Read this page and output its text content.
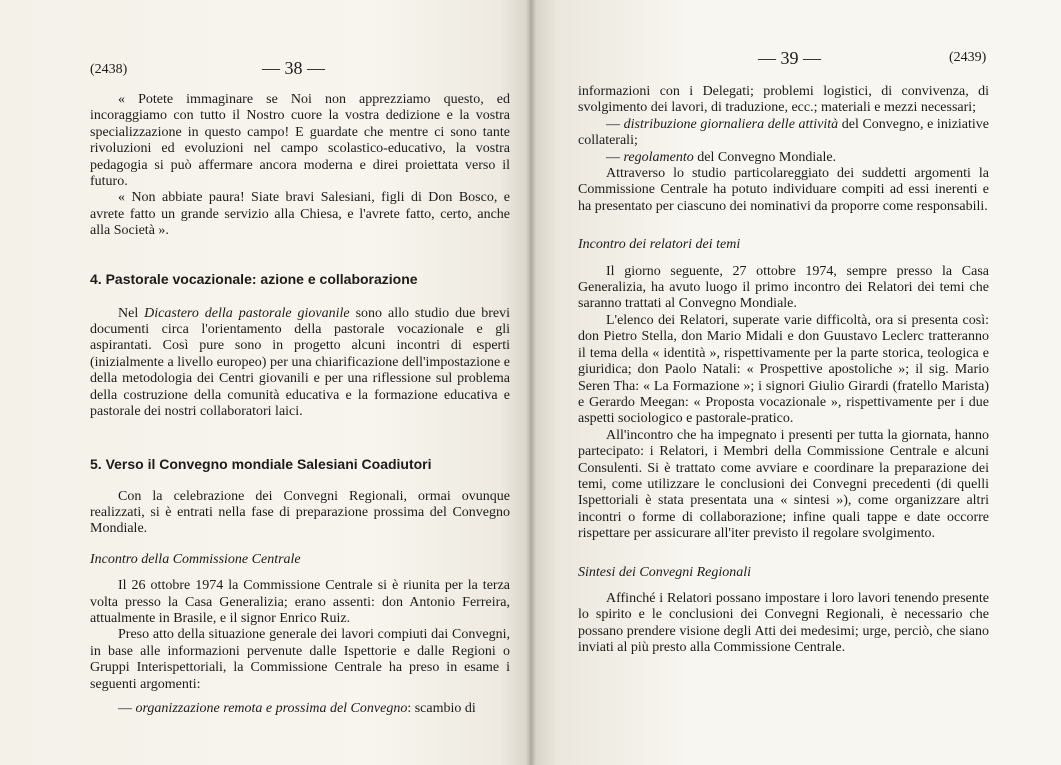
(2438)	— 38 —

« Potete immaginare se Noi non apprezziamo questo, ed incoraggiamo con tutto il Nostro cuore la vostra dedizione e la vostra specializzazione in questo campo! E guardate che mentre ci sono tante rivoluzioni ed evoluzioni nel campo scolastico-educativo, la vostra pedagogia si può affermare ancora moderna e direi proiettata verso il futuro.

« Non abbiate paura! Siate bravi Salesiani, figli di Don Bosco, e avrete fatto un grande servizio alla Chiesa, e l'avrete fatto, certo, anche alla Società ».

4. Pastorale vocazionale: azione e collaborazione

Nel Dicastero della pastorale giovanile sono allo studio due brevi documenti circa l'orientamento della pastorale vocazionale e gli aspirantati. Così pure sono in progetto alcuni incontri di esperti (inizialmente a livello europeo) per una chiarificazione dell'impostazione e della metodologia dei Centri giovanili e per una riflessione sul problema della costruzione della comunità educativa e la formazione educativa e pastorale dei nostri collaboratori laici.

5. Verso il Convegno mondiale Salesiani Coadiutori

Con la celebrazione dei Convegni Regionali, ormai ovunque realizzati, si è entrati nella fase di preparazione prossima del Convegno Mondiale.

Incontro della Commissione Centrale

Il 26 ottobre 1974 la Commissione Centrale si è riunita per la terza volta presso la Casa Generalizia; erano assenti: don Antonio Ferreira, attualmente in Brasile, e il signor Enrico Ruiz.

Preso atto della situazione generale dei lavori compiuti dai Convegni, in base alle informazioni pervenute dalle Ispettorie e dalle Regioni o Gruppi Interispettoriali, la Commissione Centrale ha preso in esame i seguenti argomenti:

— organizzazione remota e prossima del Convegno: scambio di

— 39 —	(2439)

informazioni con i Delegati; problemi logistici, di convivenza, di svolgimento dei lavori, di traduzione, ecc.; materiali e mezzi necessari;

— distribuzione giornaliera delle attività del Convegno, e iniziative collaterali;

— regolamento del Convegno Mondiale.

Attraverso lo studio particolareggiato dei suddetti argomenti la Commissione Centrale ha potuto individuare compiti ad essi inerenti e ha presentato per ciascuno dei nominativi da proporre come responsabili.

Incontro dei relatori dei temi

Il giorno seguente, 27 ottobre 1974, sempre presso la Casa Generalizia, ha avuto luogo il primo incontro dei Relatori dei temi che saranno trattati al Convegno Mondiale.

L'elenco dei Relatori, superate varie difficoltà, ora si presenta così: don Pietro Stella, don Mario Midali e don Guustavo Leclerc tratteranno il tema della « identità », rispettivamente per la parte storica, teologica e giuridica; don Paolo Natali: « Prospettive apostoliche »; il sig. Mario Seren Tha: « La Formazione »; i signori Giulio Girardi (fratello Marista) e Gerardo Meegan: « Proposta vocazionale », rispettivamente per i due aspetti sociologico e pastorale-pratico.

All'incontro che ha impegnato i presenti per tutta la giornata, hanno partecipato: i Relatori, i Membri della Commissione Centrale e alcuni Consulenti. Si è trattato come avviare e coordinare la preparazione dei temi, come utilizzare le conclusioni dei Convegni precedenti (di quelli Ispettoriali è stata presentata una « sintesi »), come organizzare altri incontri o forme di collaborazione; infine quali tappe e date occorre rispettare per assicurare all'iter previsto il regolare svolgimento.

Sintesi dei Convegni Regionali

Affinché i Relatori possano impostare i loro lavori tenendo presente lo spirito e le conclusioni dei Convegni Regionali, è necessario che possano prendere visione degli Atti dei medesimi; urge, perciò, che siano inviati al più presto alla Commissione Centrale.
